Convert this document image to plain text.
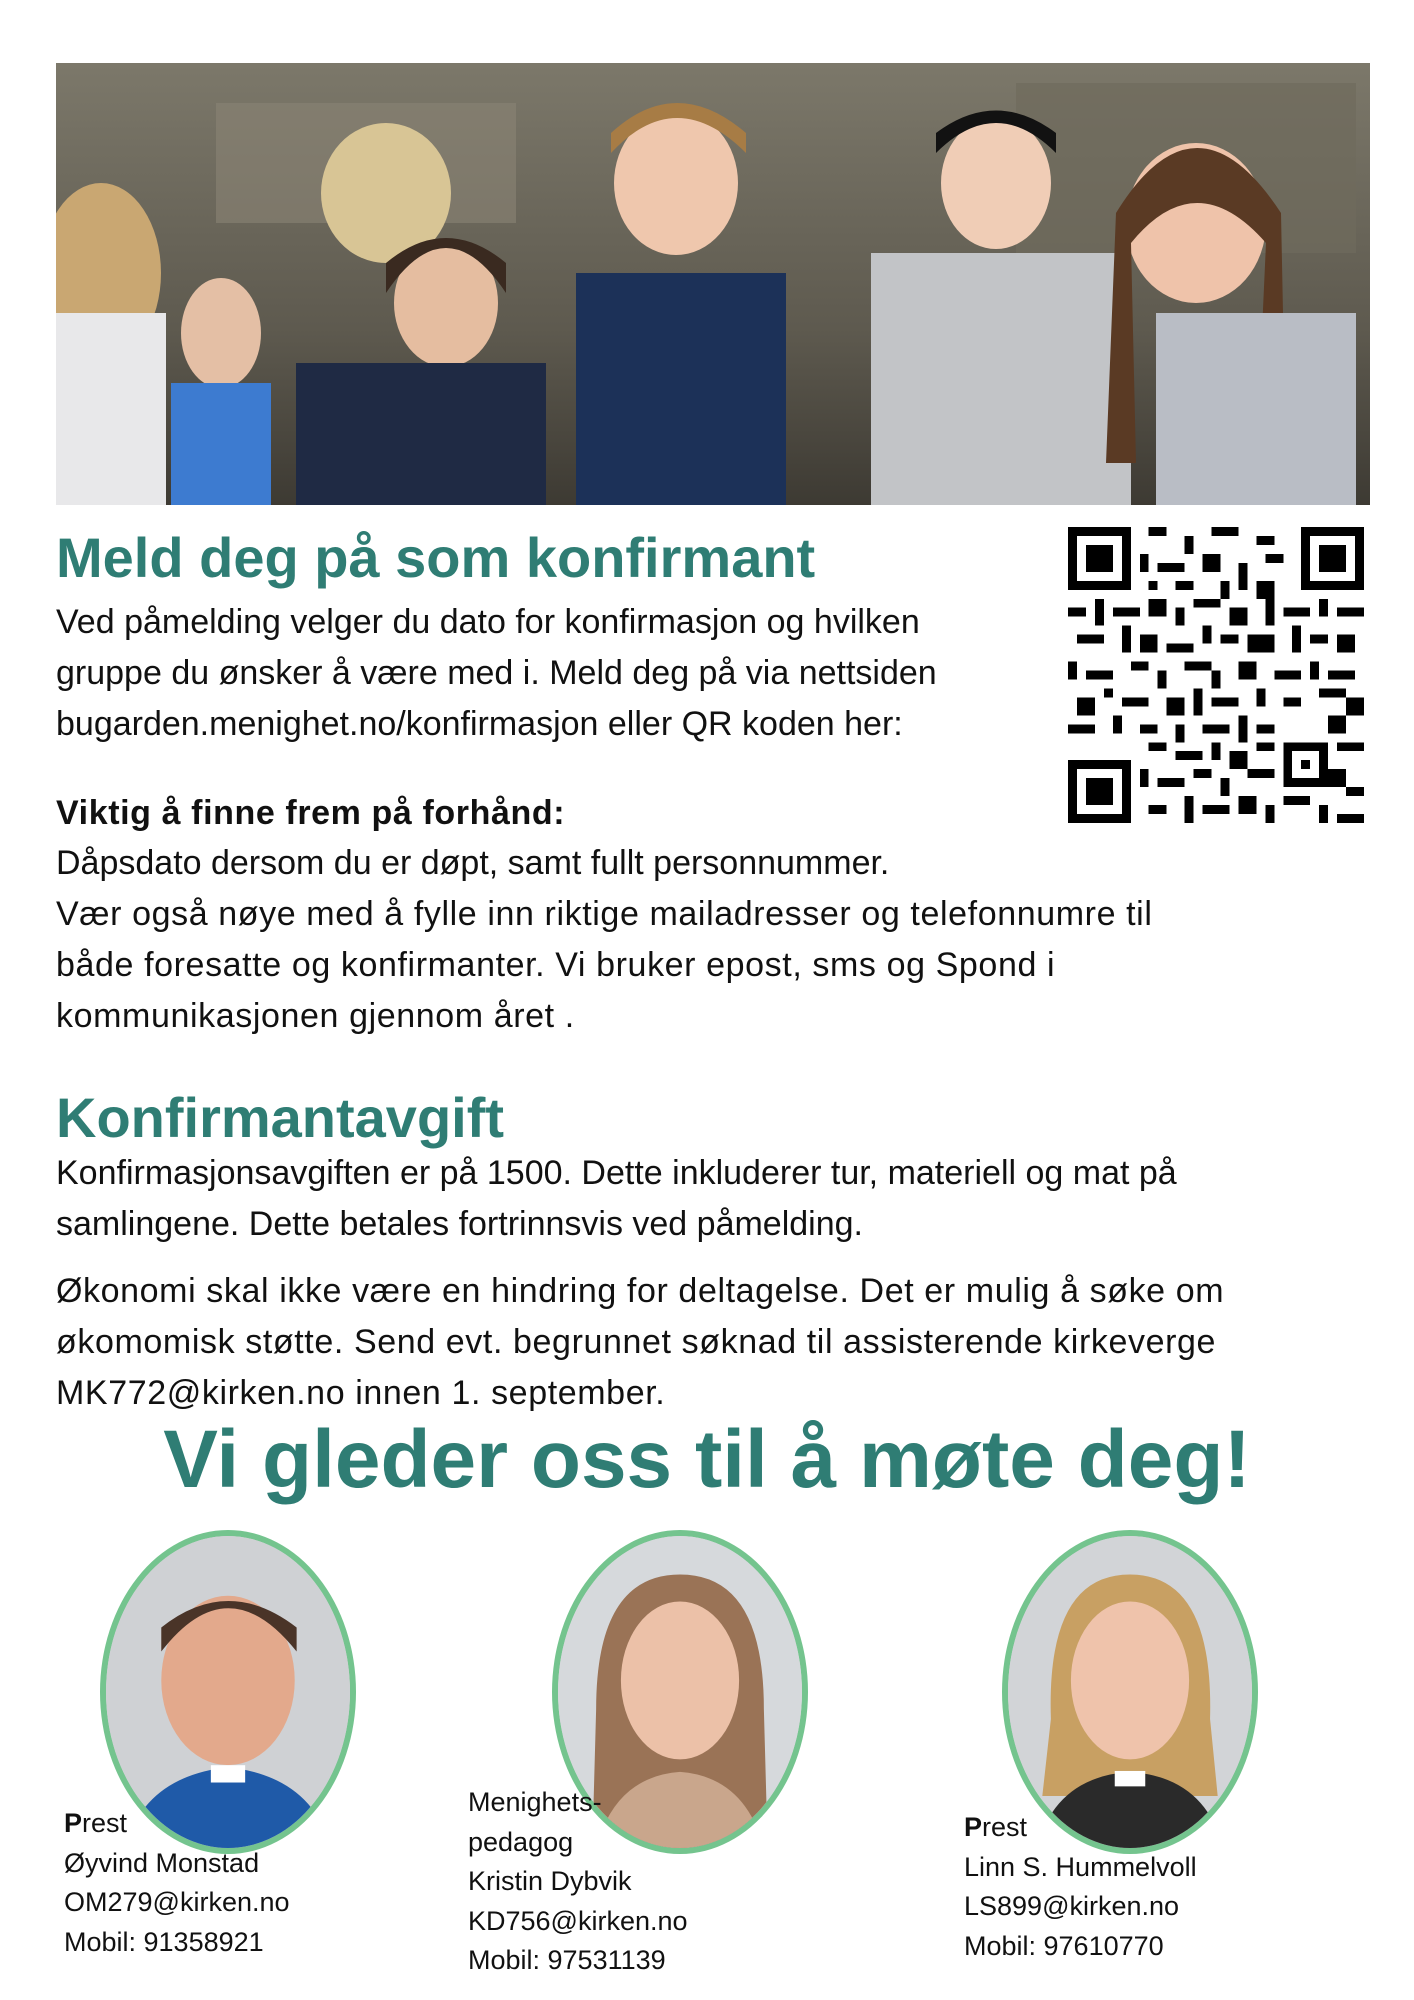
Meld deg på som konfirmant

Ved påmelding velger du dato for konfirmasjon og hvilken

gruppe du ønsker å være med i. Meld deg på via nettsiden

bugarden.menighet.no/konfirmasjon eller QR koden her:

Viktig å finne frem på forhånd:

Dåpsdato dersom du er døpt, samt fullt personnummer.

Vær også nøye med å fylle inn riktige mailadresser og telefonnumre til

både foresatte og konfirmanter. Vi bruker epost, sms og Spond i

kommunikasjonen gjennom året .

Konfirmantavgift

Konfirmasjonsavgiften er på 1500. Dette inkluderer tur, materiell og mat på

samlingene. Dette betales fortrinnsvis ved påmelding.

Økonomi skal ikke være en hindring for deltagelse. Det er mulig å søke om

økomomisk støtte. Send evt. begrunnet søknad til assisterende kirkeverge

MK772@kirken.no innen 1. september.

Vi gleder oss til å møte deg!
Prest
Øyvind Monstad
OM279@kirken.no
Mobil: 91358921
Menighets-
pedagog
Kristin Dybvik
KD756@kirken.no
Mobil: 97531139
Prest
Linn S. Hummelvoll
LS899@kirken.no
Mobil: 97610770
